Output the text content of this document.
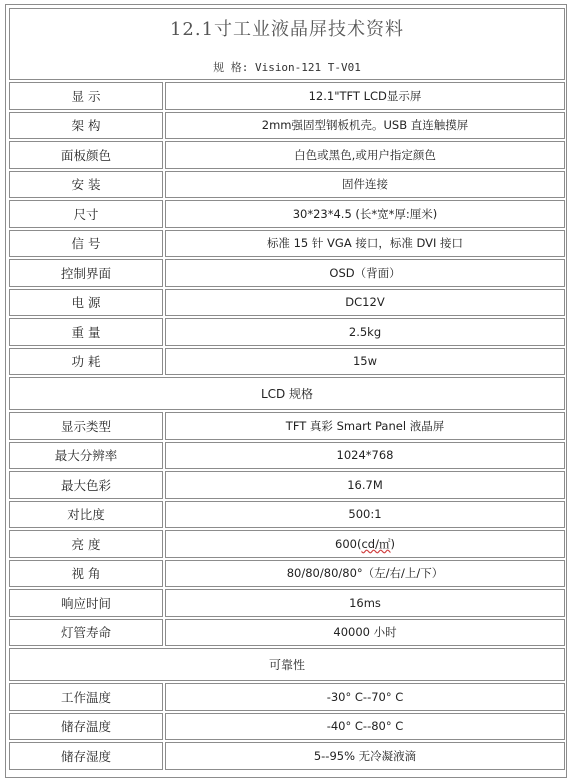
12.1寸工业液晶屏技术资料
规 格: Vision-121 T-V01	

显 示	12.1"TFT LCD显示屏
架 构	2mm强固型钢板机壳。USB 直连触摸屏
面板颜色	白色或黑色,或用户指定颜色
安 装	固件连接
尺寸	30*23*4.5 (长*宽*厚:厘米)
信 号	标准 15 针 VGA 接口，标准 DVI 接口
控制界面	OSD（背面）
电 源	DC12V
重 量	2.5kg
功 耗	15w
LCD 规格	
显示类型	TFT 真彩 Smart Panel 液晶屏
最大分辨率	1024*768
最大色彩	16.7M
对比度	500:1
亮 度	600(cd/㎡)
视 角	80/80/80/80°（左/右/上/下）
响应时间	16ms
灯管寿命	40000 小时
可靠性	
工作温度	-30° C--70° C
储存温度	-40° C--80° C
储存湿度	5--95% 无冷凝液滴
